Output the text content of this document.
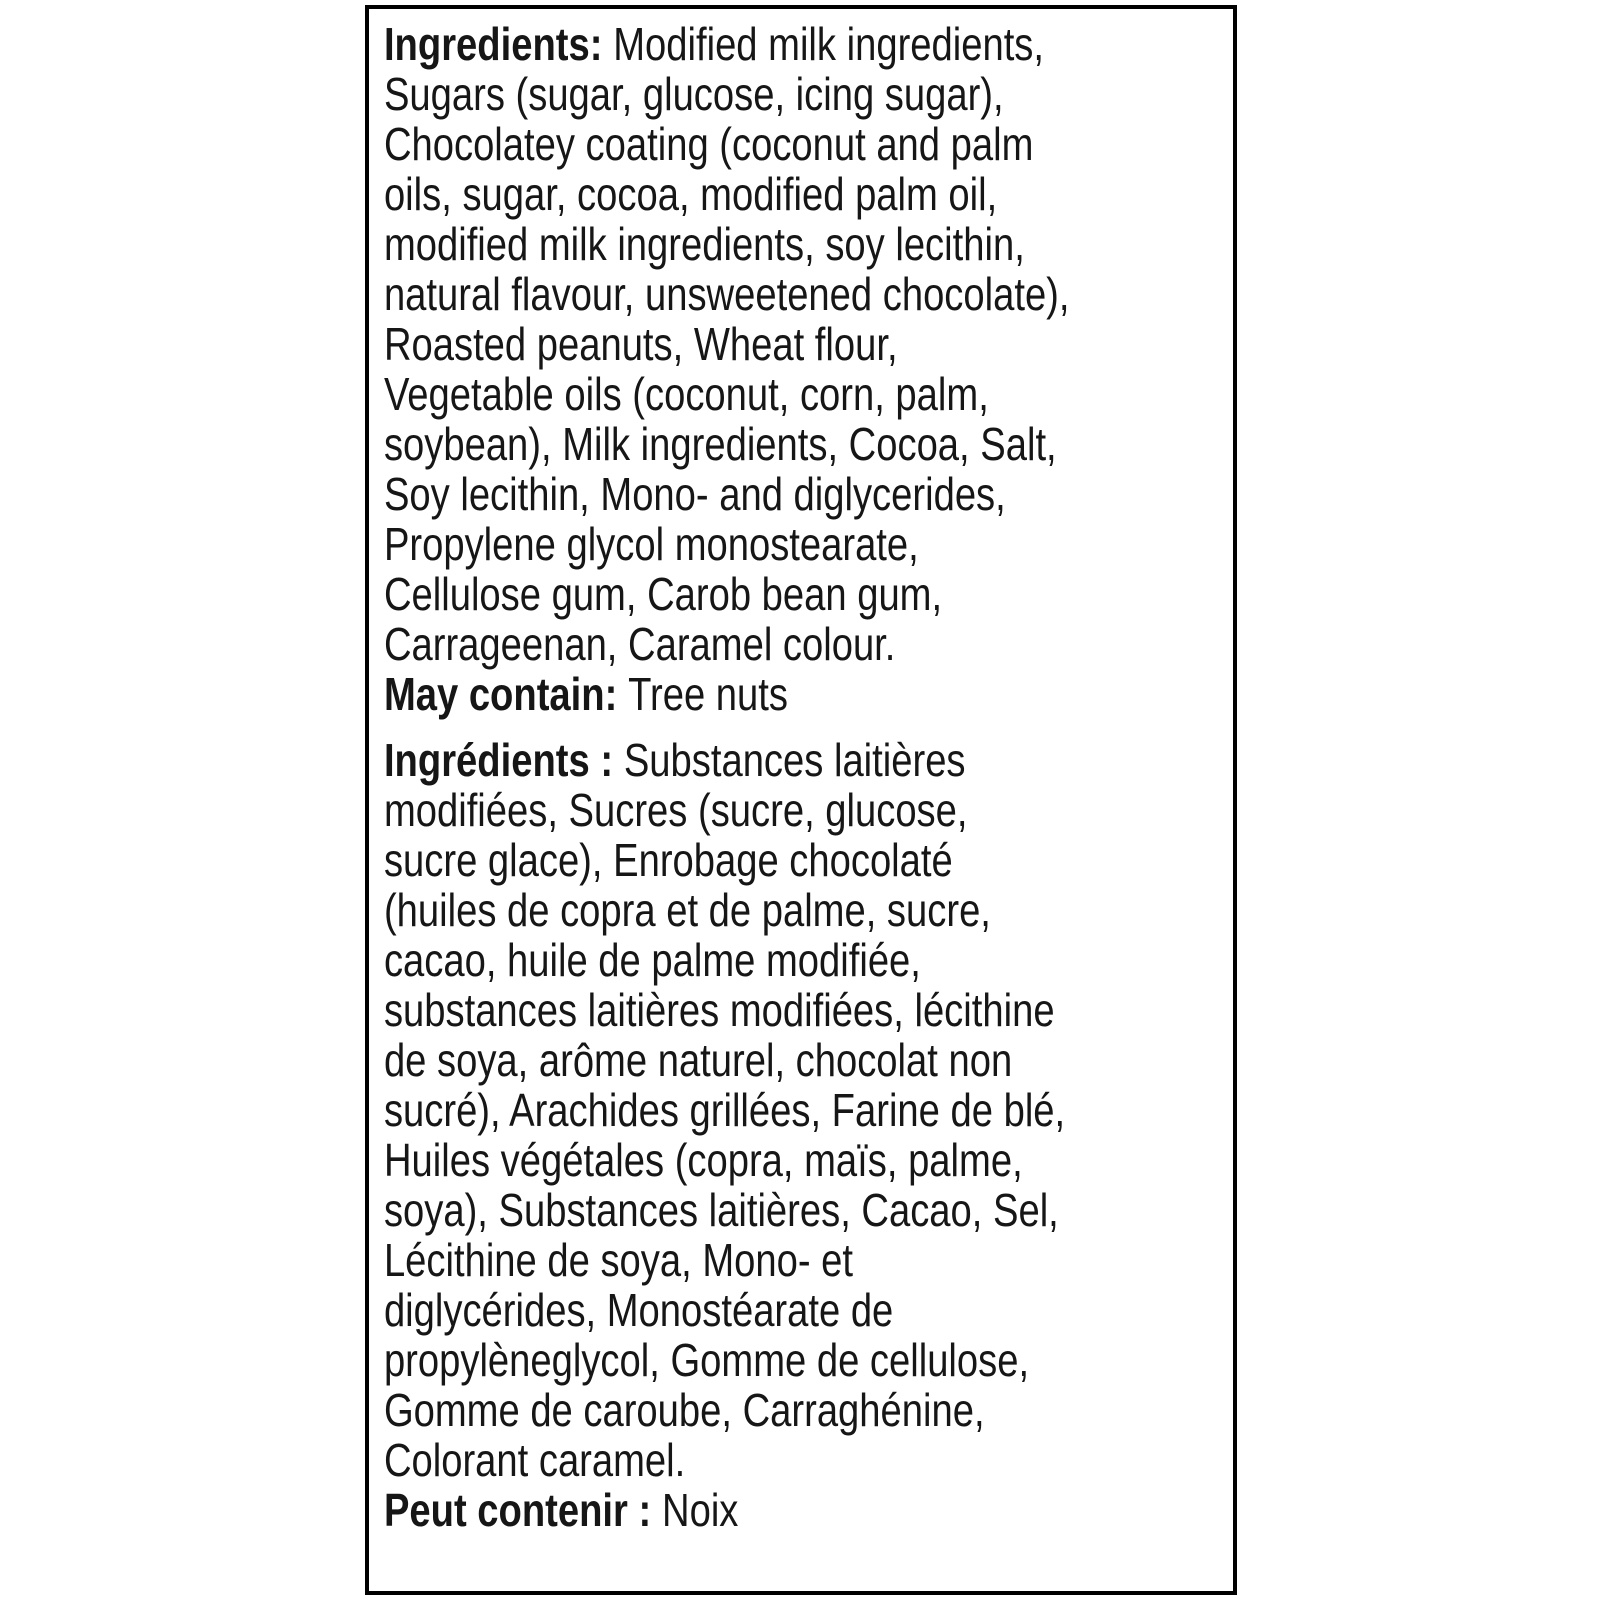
Ingredients: Modified milk ingredients,
Sugars (sugar, glucose, icing sugar),
Chocolatey coating (coconut and palm
oils, sugar, cocoa, modified palm oil,
modified milk ingredients, soy lecithin,
natural flavour, unsweetened chocolate),
Roasted peanuts, Wheat flour,
Vegetable oils (coconut, corn, palm,
soybean), Milk ingredients, Cocoa, Salt,
Soy lecithin, Mono- and diglycerides,
Propylene glycol monostearate,
Cellulose gum, Carob bean gum,
Carrageenan, Caramel colour.
May contain: Tree nuts
Ingrédients : Substances laitières
modifiées, Sucres (sucre, glucose,
sucre glace), Enrobage chocolaté
(huiles de copra et de palme, sucre,
cacao, huile de palme modifiée,
substances laitières modifiées, lécithine
de soya, arôme naturel, chocolat non
sucré), Arachides grillées, Farine de blé,
Huiles végétales (copra, maïs, palme,
soya), Substances laitières, Cacao, Sel,
Lécithine de soya, Mono- et
diglycérides, Monostéarate de
propylèneglycol, Gomme de cellulose,
Gomme de caroube, Carraghénine,
Colorant caramel.
Peut contenir : Noix
